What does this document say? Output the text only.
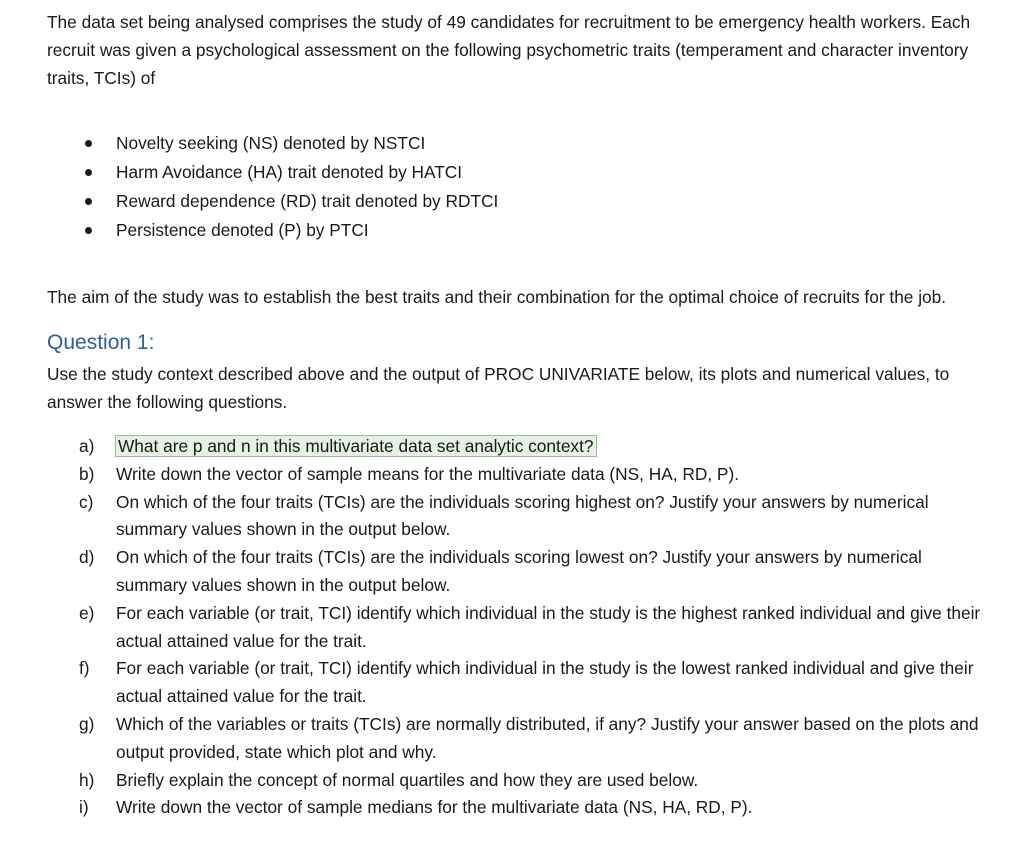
The data set being analysed comprises the study of 49 candidates for recruitment to be emergency health workers. Each recruit was given a psychological assessment on the following psychometric traits (temperament and character inventory traits, TCIs) of

Novelty seeking (NS) denoted by NSTCI
Harm Avoidance (HA) trait denoted by HATCI
Reward dependence (RD) trait denoted by RDTCI
Persistence denoted (P) by PTCI

The aim of the study was to establish the best traits and their combination for the optimal choice of recruits for the job.

Question 1:

Use the study context described above and the output of PROC UNIVARIATE below, its plots and numerical values, to answer the following questions.

a) What are p and n in this multivariate data set analytic context?
b) Write down the vector of sample means for the multivariate data (NS, HA, RD, P).
c) On which of the four traits (TCIs) are the individuals scoring highest on? Justify your answers by numerical summary values shown in the output below.
d) On which of the four traits (TCIs) are the individuals scoring lowest on? Justify your answers by numerical summary values shown in the output below.
e) For each variable (or trait, TCI) identify which individual in the study is the highest ranked individual and give their actual attained value for the trait.
f) For each variable (or trait, TCI) identify which individual in the study is the lowest ranked individual and give their actual attained value for the trait.
g) Which of the variables or traits (TCIs) are normally distributed, if any? Justify your answer based on the plots and output provided, state which plot and why.
h) Briefly explain the concept of normal quartiles and how they are used below.
i) Write down the vector of sample medians for the multivariate data (NS, HA, RD, P).
